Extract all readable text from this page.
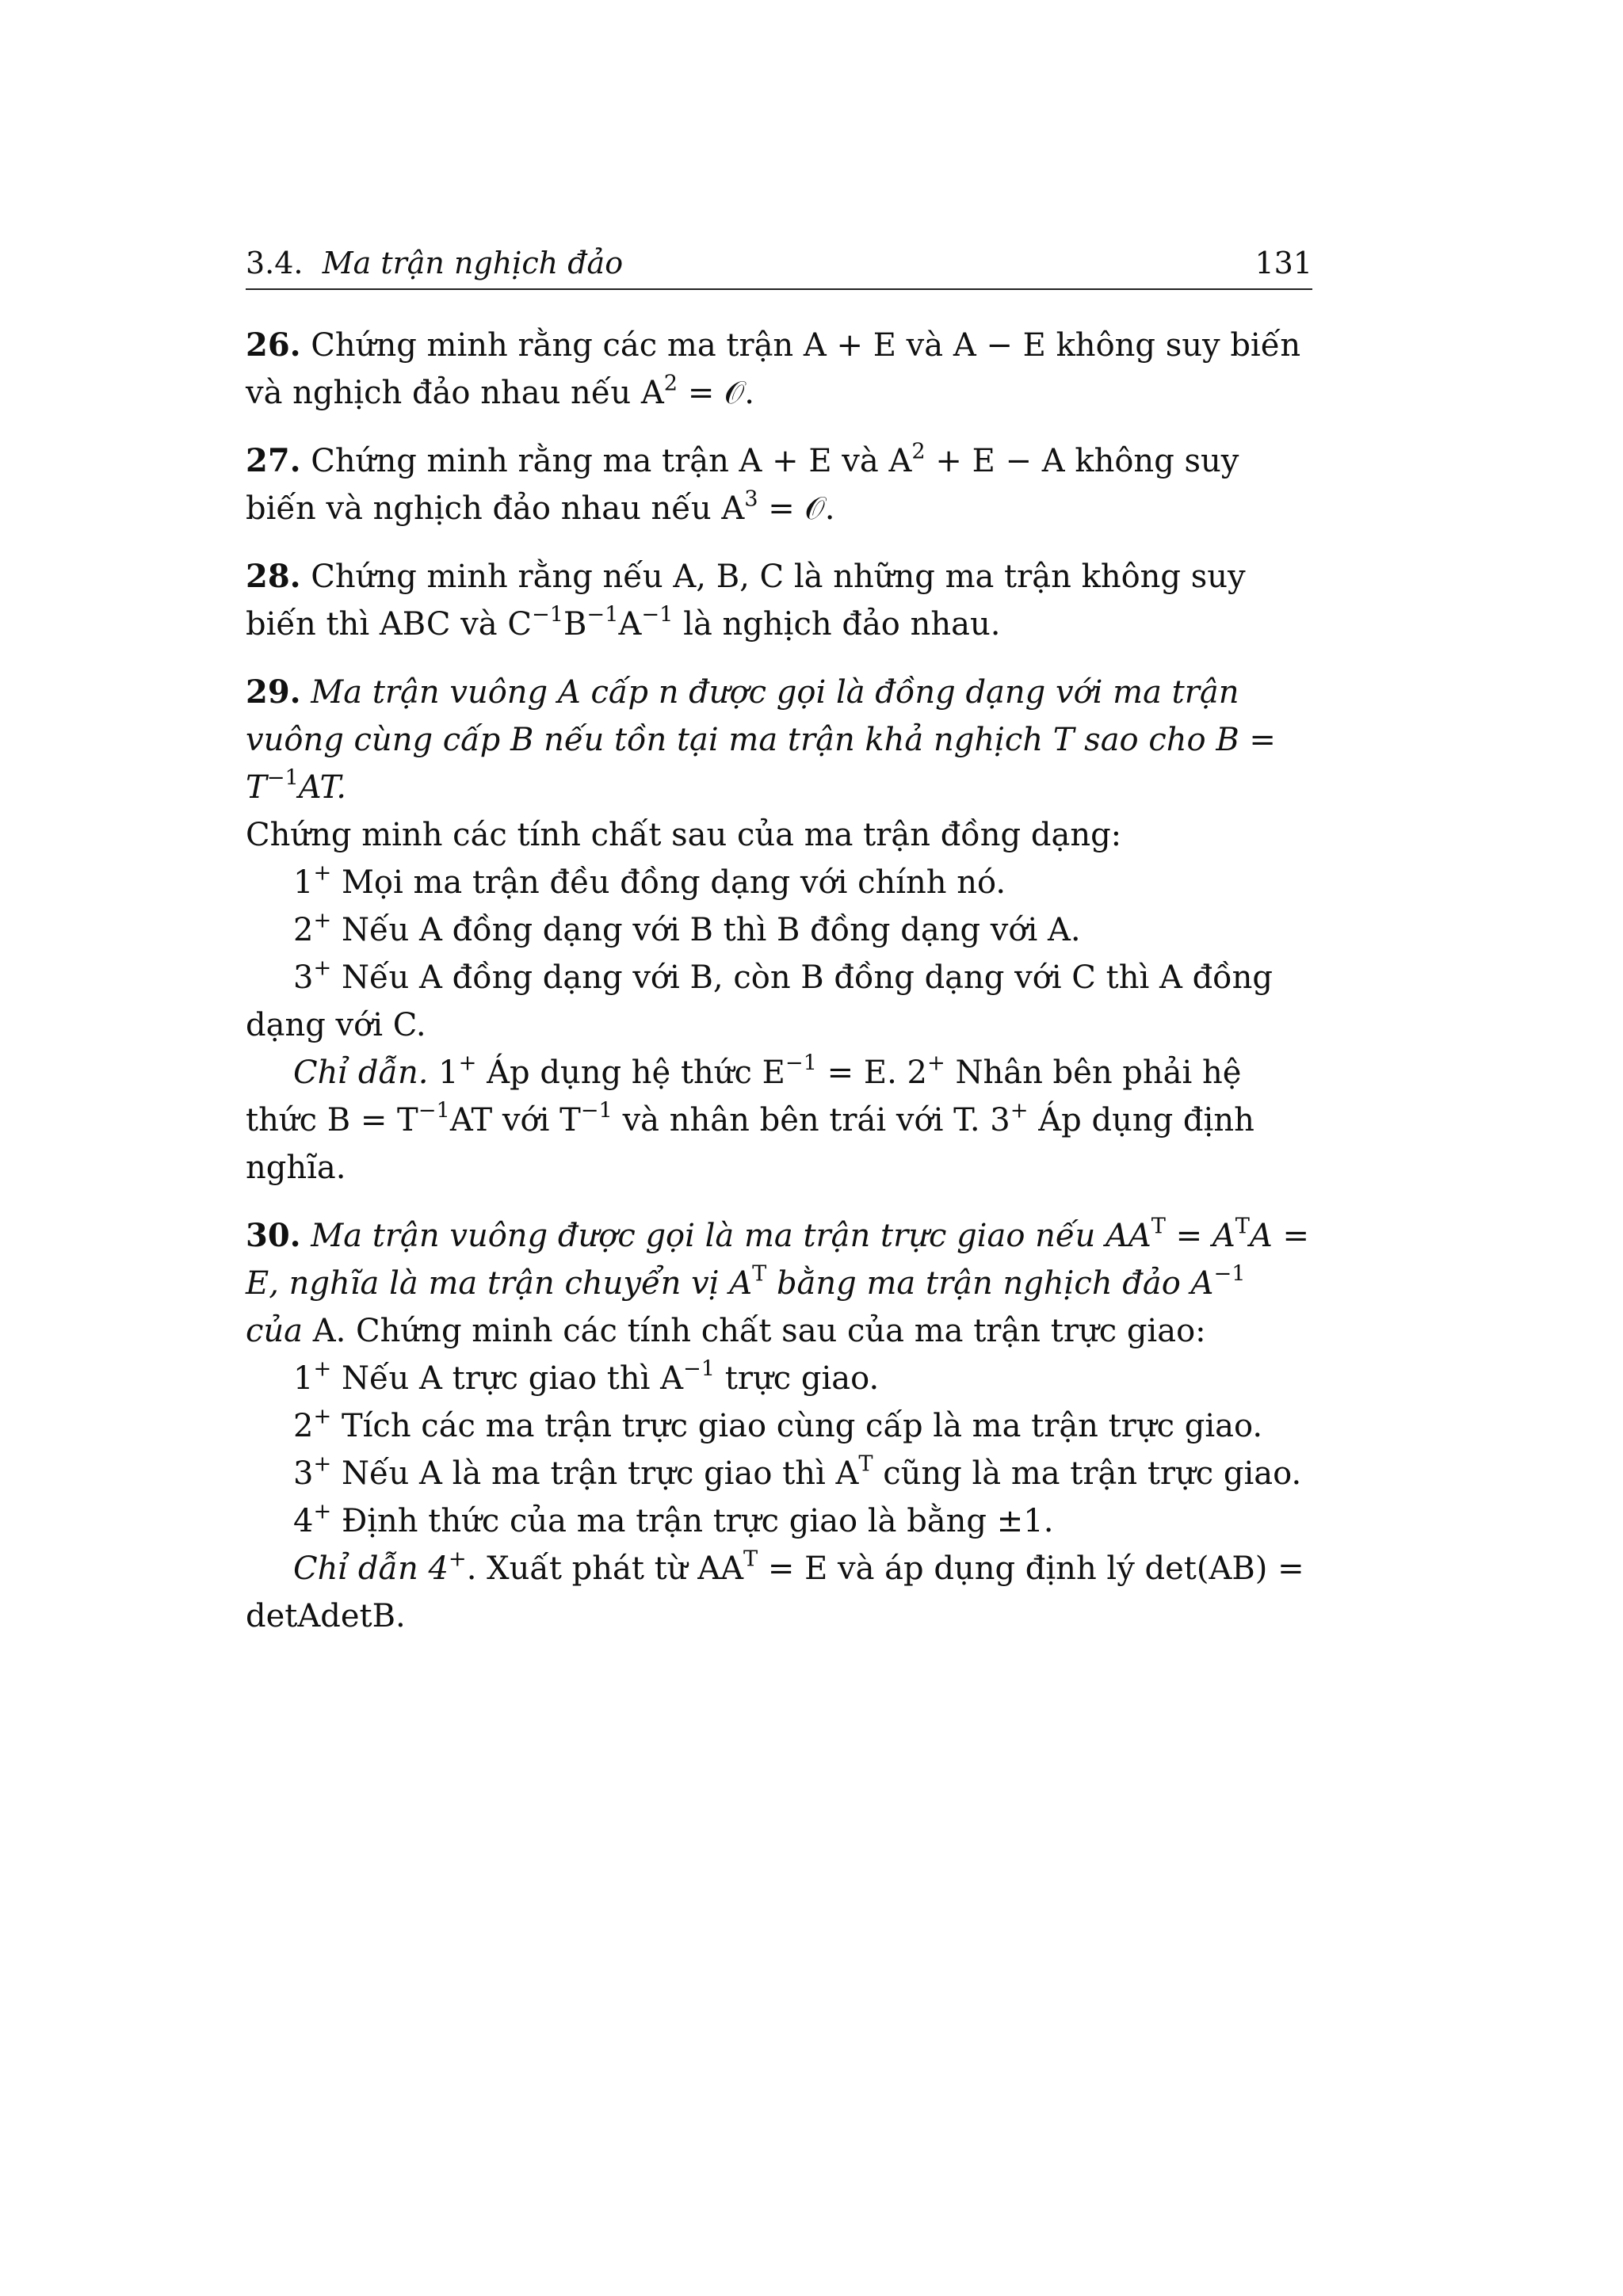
3.4. Ma trận nghịch đảo	131

26. Chứng minh rằng các ma trận A + E và A − E không suy biến và nghịch đảo nhau nếu $A^2$ = 𝒪.

27. Chứng minh rằng ma trận A + E và $A^2 + E - A$ không suy biến và nghịch đảo nhau nếu $A^3$ = 𝒪.

28. Chứng minh rằng nếu A, B, C là những ma trận không suy biến thì ABC và $C^{-1}B^{-1}A^{-1}$ là nghịch đảo nhau.

29. Ma trận vuông A cấp n được gọi là đồng dạng với ma trận vuông cùng cấp B nếu tồn tại ma trận khả nghịch T sao cho $B = T^{-1}AT$.

Chứng minh các tính chất sau của ma trận đồng dạng:

1+ Mọi ma trận đều đồng dạng với chính nó.

2+ Nếu A đồng dạng với B thì B đồng dạng với A.

3+ Nếu A đồng dạng với B, còn B đồng dạng với C thì A đồng dạng với C.

Chỉ dẫn. 1+ Áp dụng hệ thức $E^{-1} = E$. 2+ Nhân bên phải hệ thức $B = T^{-1}AT$ với $T^{-1}$ và nhân bên trái với T. 3+ Áp dụng định nghĩa.

30. Ma trận vuông được gọi là ma trận trực giao nếu $AA^T = A^TA = E$, nghĩa là ma trận chuyển vị $A^T$ bằng ma trận nghịch đảo $A^{-1}$ của A. Chứng minh các tính chất sau của ma trận trực giao:

1+ Nếu A trực giao thì $A^{-1}$ trực giao.

2+ Tích các ma trận trực giao cùng cấp là ma trận trực giao.

3+ Nếu A là ma trận trực giao thì $A^T$ cũng là ma trận trực giao.

4+ Định thức của ma trận trực giao là bằng ±1.

Chỉ dẫn 4+. Xuất phát từ $AA^T = E$ và áp dụng định lý det(AB) = detAdetB.
